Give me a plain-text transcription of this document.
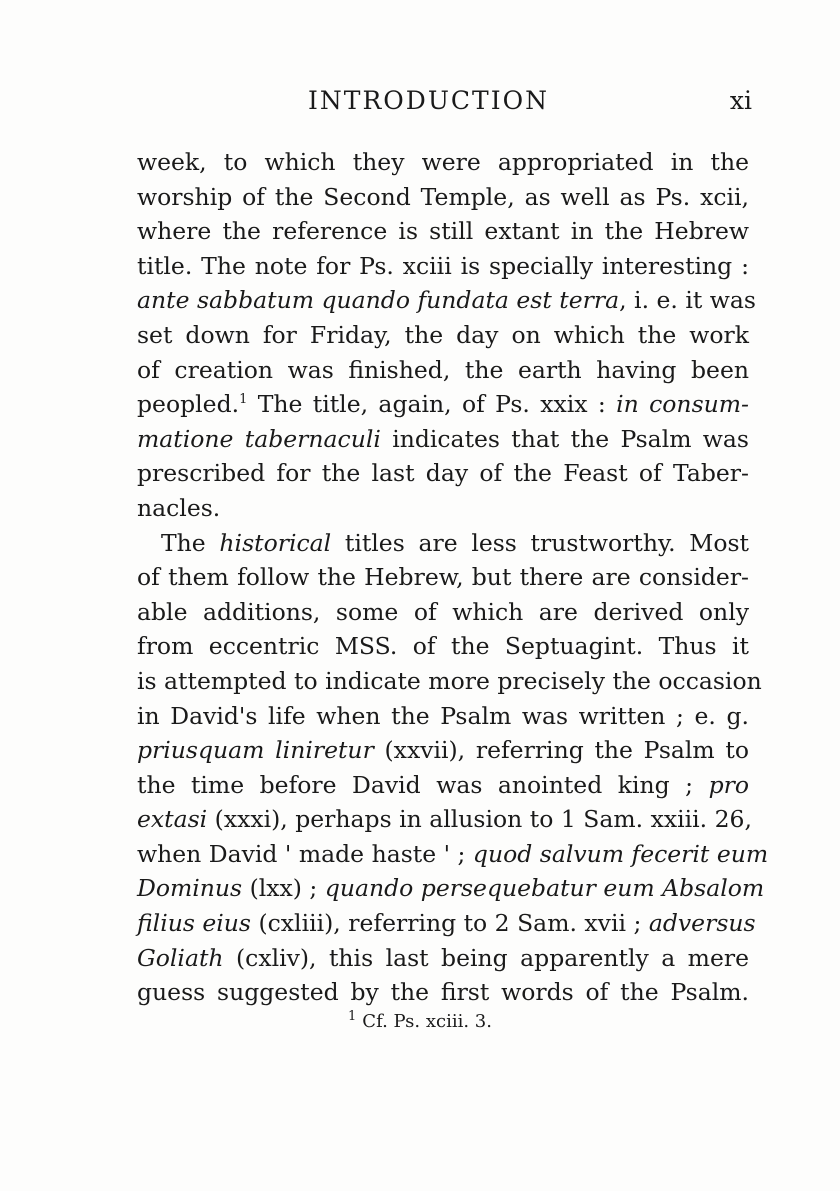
INTRODUCTION	xi
week, to which they were appropriated in the
worship of the Second Temple, as well as Ps. xcii,
where the reference is still extant in the Hebrew
title. The note for Ps. xciii is specially interesting :
ante sabbatum quando fundata est terra, i. e. it was
set down for Friday, the day on which the work
of creation was finished, the earth having been
peopled.$^1$ The title, again, of Ps. xxix : in consum-
matione tabernaculi indicates that the Psalm was
prescribed for the last day of the Feast of Taber-
nacles.
The historical titles are less trustworthy. Most
of them follow the Hebrew, but there are consider-
able additions, some of which are derived only
from eccentric MSS. of the Septuagint. Thus it
is attempted to indicate more precisely the occasion
in David's life when the Psalm was written ; e. g.
priusquam liniretur (xxvii), referring the Psalm to
the time before David was anointed king ; pro
extasi (xxxi), perhaps in allusion to 1 Sam. xxiii. 26,
when David ' made haste ' ; quod salvum fecerit eum
Dominus (lxx) ; quando persequebatur eum Absalom
filius eius (cxliii), referring to 2 Sam. xvii ; adversus
Goliath (cxliv), this last being apparently a mere
guess suggested by the first words of the Psalm.
$^1$ Cf. Ps. xciii. 3.
